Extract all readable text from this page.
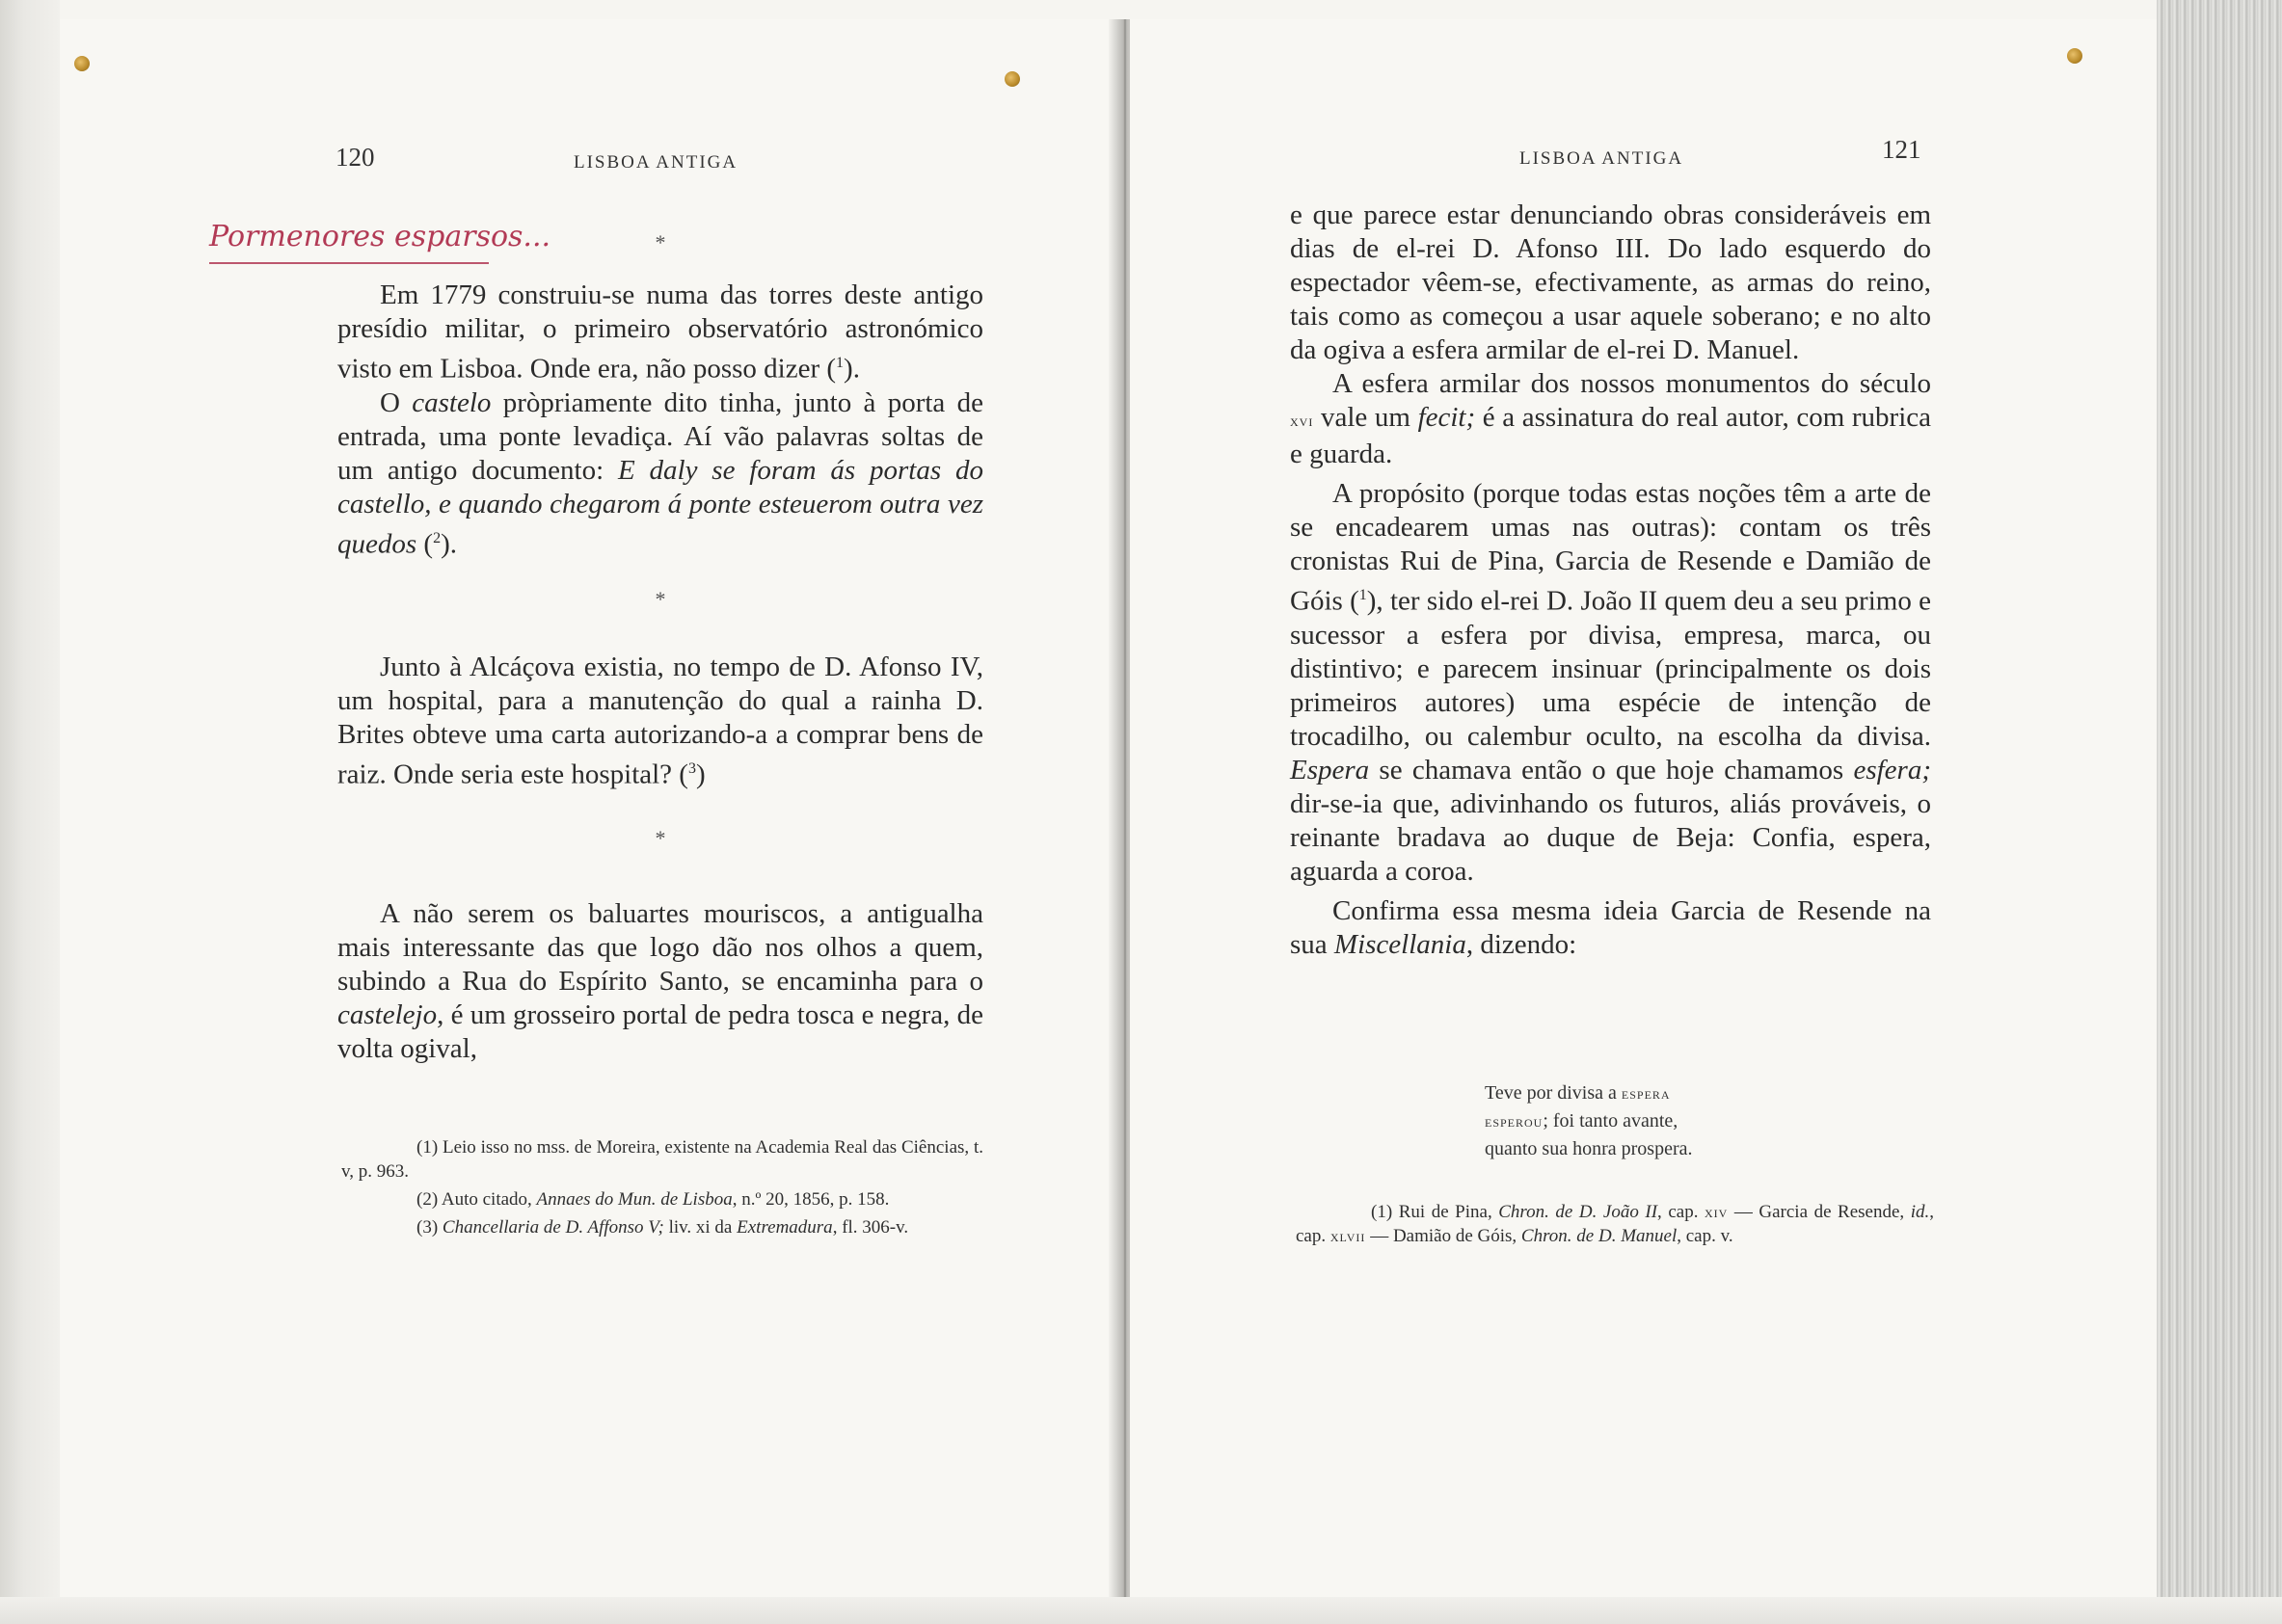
120	LISBOA ANTIGA
Pormenores esparsos...	*

Em 1779 construiu-se numa das torres deste antigo presídio militar, o primeiro observatório astronómico visto em Lisboa. Onde era, não posso dizer ($^1$).

O castelo pròpriamente dito tinha, junto à porta de entrada, uma ponte levadiça. Aí vão palavras soltas de um antigo documento: E daly se foram ás portas do castello, e quando chegarom á ponte esteuerom outra vez quedos ($^2$).

*

Junto à Alcáçova existia, no tempo de D. Afonso IV, um hospital, para a manutenção do qual a rainha D. Brites obteve uma carta autorizando-a a comprar bens de raiz. Onde seria este hospital? ($^3$)

*

A não serem os baluartes mouriscos, a antigualha mais interessante das que logo dão nos olhos a quem, subindo a Rua do Espírito Santo, se encaminha para o castelejo, é um grosseiro portal de pedra tosca e negra, de volta ogival,

(1) Leio isso no mss. de Moreira, existente na Academia Real das Ciências, t. v, p. 963.

(2) Auto citado, Annaes do Mun. de Lisboa, n.º 20, 1856, p. 158.

(3) Chancellaria de D. Affonso V; liv. xi da Extremadura, fl. 306-v.

LISBOA ANTIGA	121

e que parece estar denunciando obras consideráveis em dias de el-rei D. Afonso III. Do lado esquerdo do espectador vêem-se, efectivamente, as armas do reino, tais como as começou a usar aquele soberano; e no alto da ogiva a esfera armilar de el-rei D. Manuel.

A esfera armilar dos nossos monumentos do século xvi vale um fecit; é a assinatura do real autor, com rubrica e guarda.

A propósito (porque todas estas noções têm a arte de se encadearem umas nas outras): contam os três cronistas Rui de Pina, Garcia de Resende e Damião de Góis ($^1$), ter sido el-rei D. João II quem deu a seu primo e sucessor a esfera por divisa, empresa, marca, ou distintivo; e parecem insinuar (principalmente os dois primeiros autores) uma espécie de intenção de trocadilho, ou calembur oculto, na escolha da divisa. Espera se chamava então o que hoje chamamos esfera; dir-se-ia que, adivinhando os futuros, aliás prováveis, o reinante bradava ao duque de Beja: Confia, espera, aguarda a coroa.

Confirma essa mesma ideia Garcia de Resende na sua Miscellania, dizendo:

Teve por divisa a espera

esperou; foi tanto avante,

quanto sua honra prospera.

(1) Rui de Pina, Chron. de D. João II, cap. xiv — Garcia de Resende, id., cap. xlvii — Damião de Góis, Chron. de D. Manuel, cap. v.
